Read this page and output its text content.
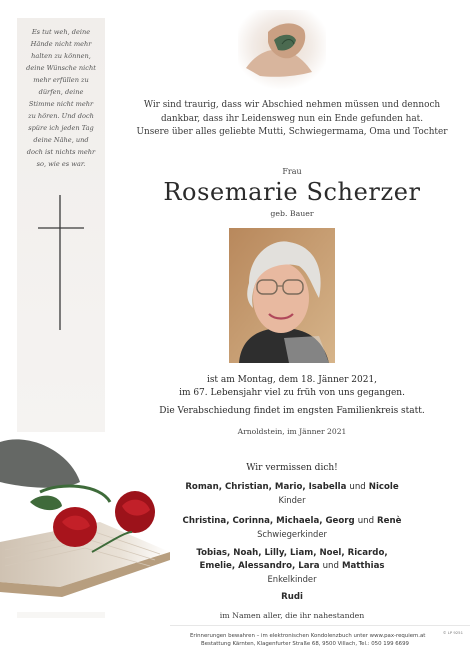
Es tut weh, deine
Hände nicht mehr
halten zu können,
deine Wünsche nicht
mehr erfüllen zu
dürfen, deine
Stimme nicht mehr
zu hören. Und doch
spüre ich jeden Tag
deine Nähe, und
doch ist nichts mehr
so, wie es war.
Wir sind traurig, dass wir Abschied nehmen müssen und dennoch
dankbar, dass ihr Leidensweg nun ein Ende gefunden hat.
Unsere über alles geliebte Mutti, Schwiegermama, Oma und Tochter
Frau
Rosemarie Scherzer
geb. Bauer
ist am Montag, dem 18. Jänner 2021,
im 67. Lebensjahr viel zu früh von uns gegangen.
Die Verabschiedung findet im engsten Familienkreis statt.
Arnoldstein, im Jänner 2021
Wir vermissen dich!
Roman, Christian, Mario, Isabella und Nicole
Kinder
Christina, Corinna, Michaela, Georg und Renè
Schwiegerkinder
Tobias, Noah, Lilly, Liam, Noel, Ricardo,
Emelie, Alessandro, Lara und Matthias
Enkelkinder
Rudi
im Namen aller, die ihr nahestanden
Erinnerungen bewahren – im elektronischen Kondolenzbuch unter www.pax-requiem.at
Bestattung Kärnten, Klagenfurter Straße 68, 9500 Villach, Tel.: 050 199 6699
© LP 9251
